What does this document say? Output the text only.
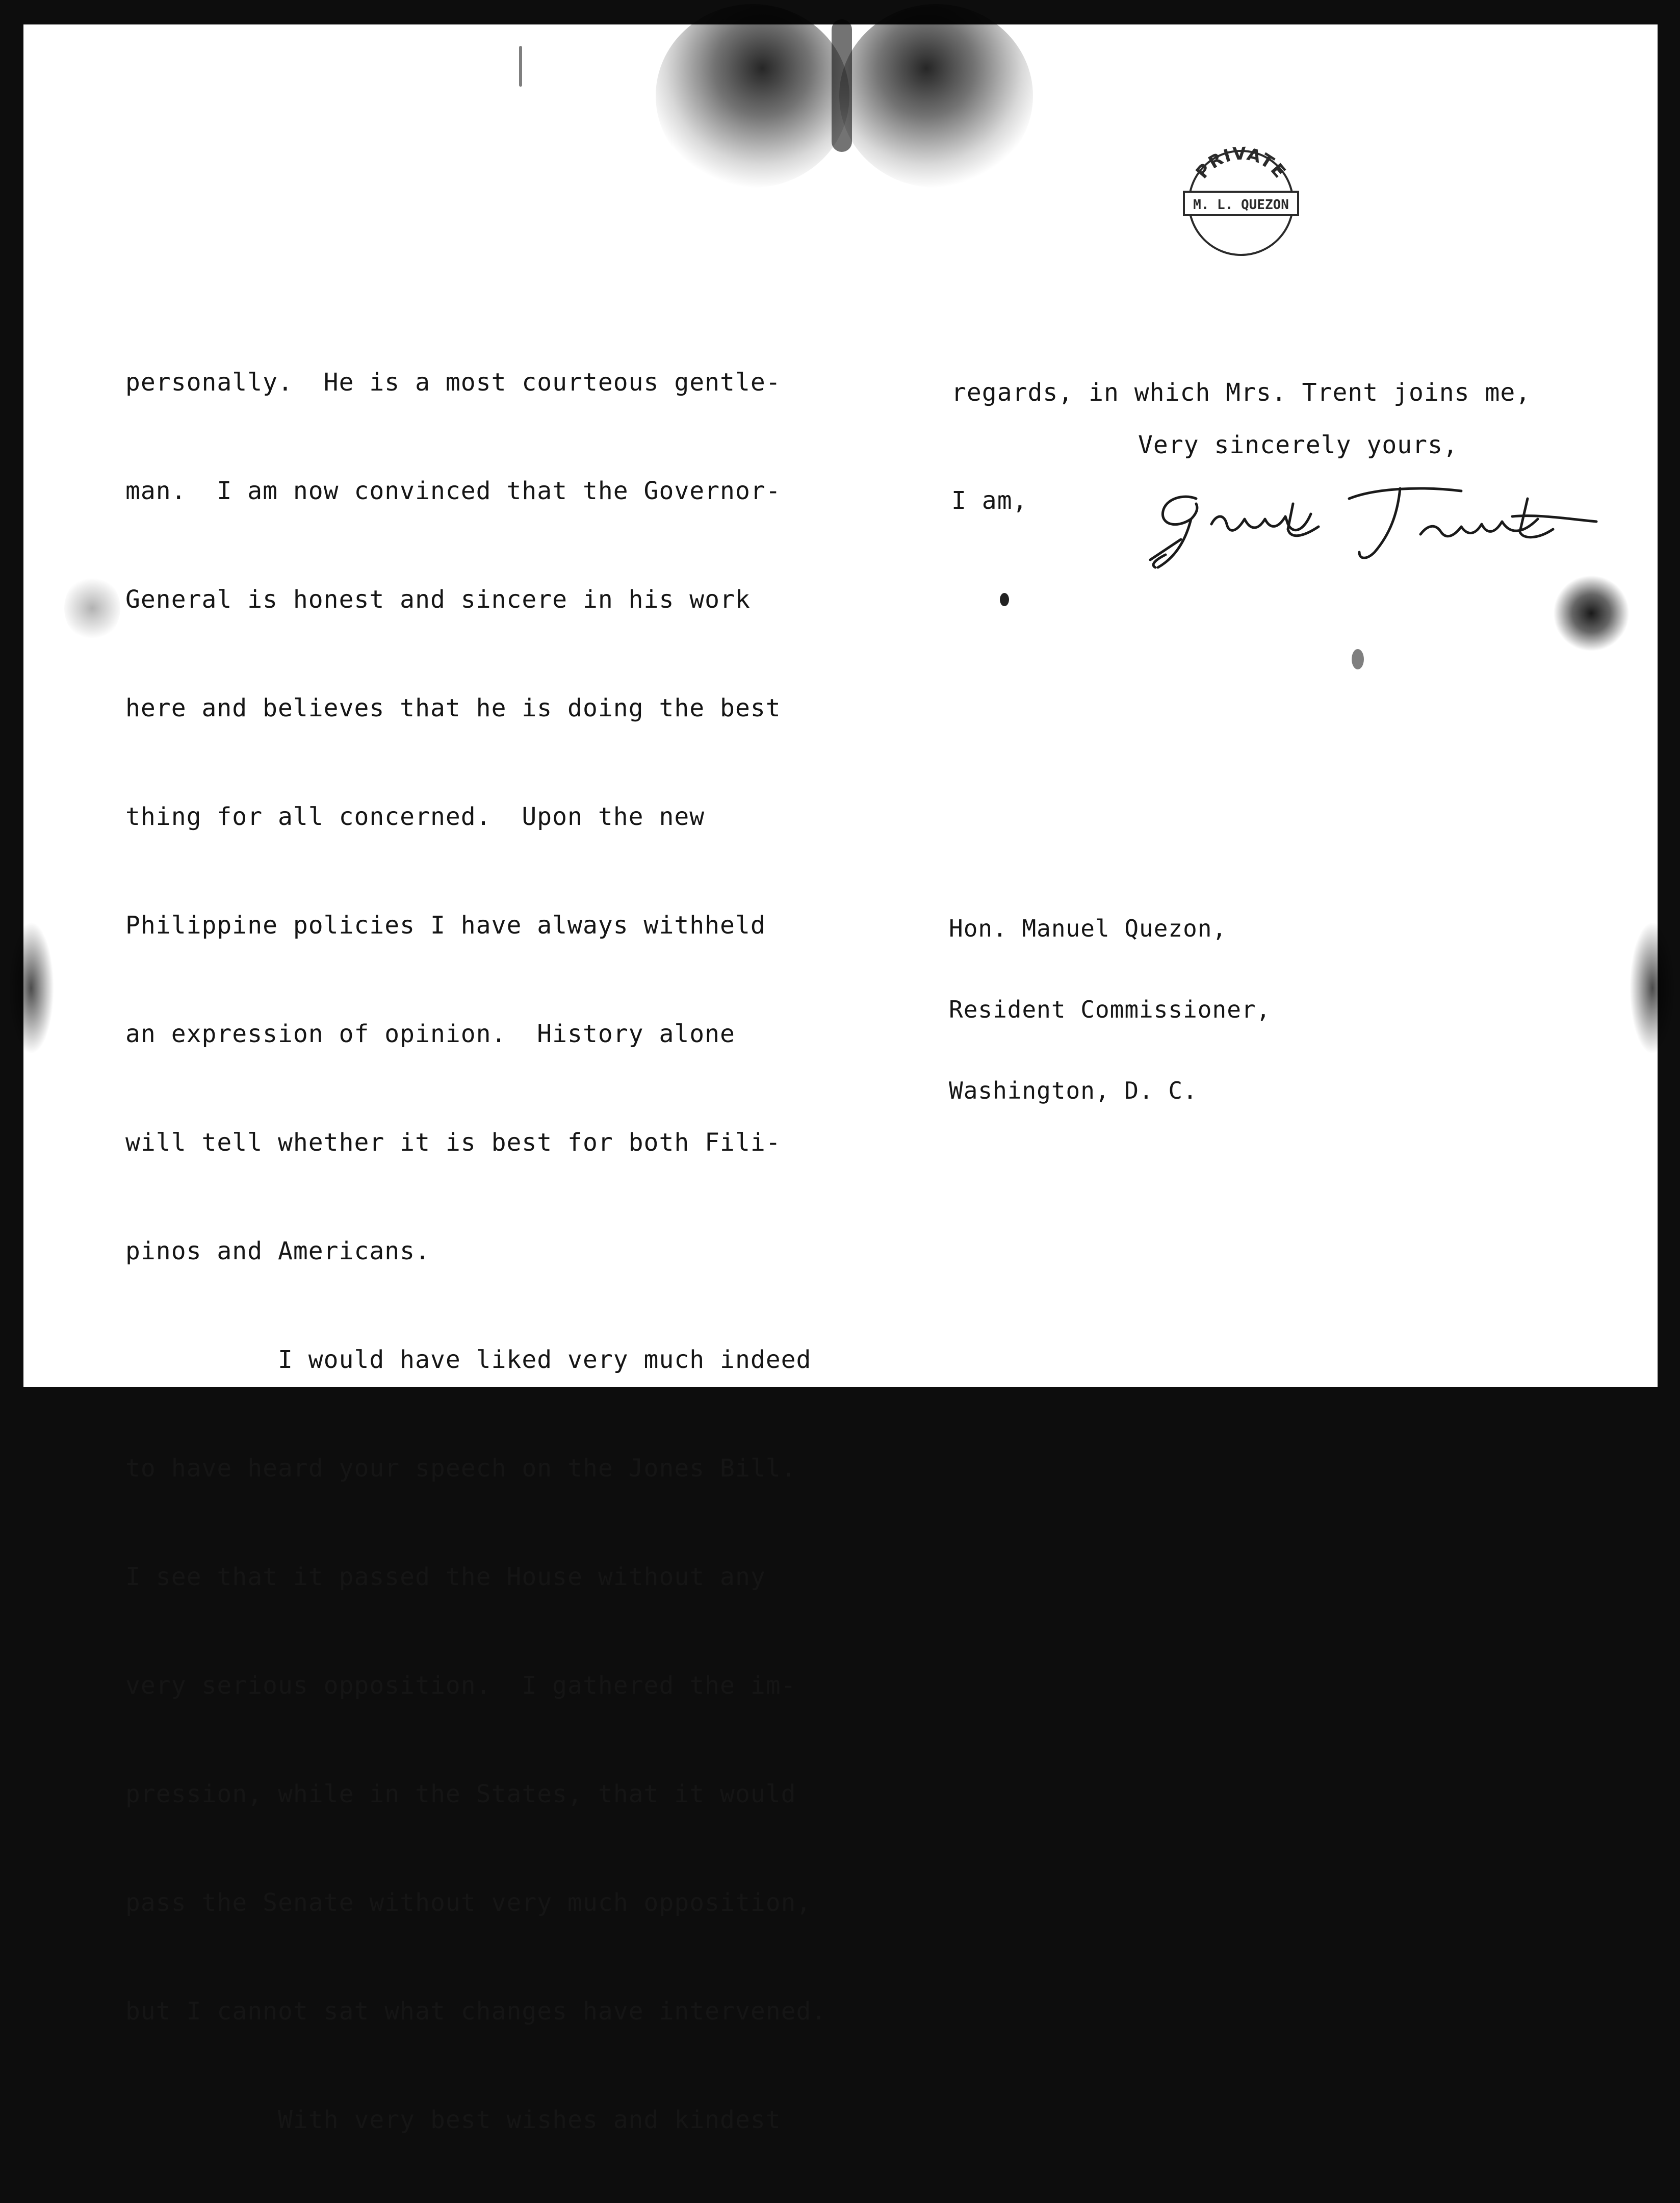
personally.  He is a most courteous gentle-

man.  I am now convinced that the Governor-

General is honest and sincere in his work

here and believes that he is doing the best

thing for all concerned.  Upon the new

Philippine policies I have always withheld

an expression of opinion.  History alone

will tell whether it is best for both Fili-

pinos and Americans.

I would have liked very much indeed

to have heard your speech on the Jones Bill.

I see that it passed the House without any

very serious opposition.  I gathered the im-

pression, while in the States, that it would

pass the Senate without very much opposition,

but I cannot sat what changes have intervened.

With very best wishes and kindest

regards, in which Mrs. Trent joins me,

I am,

Very sincerely yours,

Hon. Manuel Quezon,

Resident Commissioner,

Washington, D. C.

PRIVATE
M. L. QUEZON
